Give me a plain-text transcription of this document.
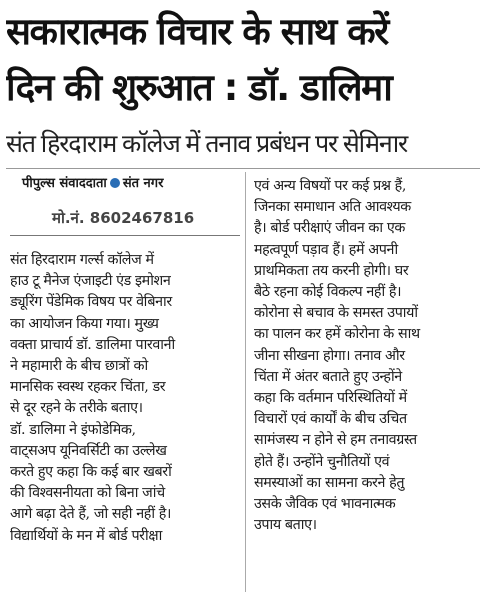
सकारात्मक विचार के साथ करें
दिन की शुरुआत : डॉ. डालिमा
संत हिरदाराम कॉलेज में तनाव प्रबंधन पर सेमिनार
पीपुल्स संवाददाता संत नगर
मो.नं. 8602467816

संत हिरदाराम गर्ल्स कॉलेज में

हाउ टू मैनेज एंजाइटी एंड इमोशन

ड्यूरिंग पेंडेमिक विषय पर वेबिनार

का आयोजन किया गया। मुख्य

वक्ता प्राचार्य डॉ. डालिमा पारवानी

ने महामारी के बीच छात्रों को

मानसिक स्वस्थ रहकर चिंता, डर

से दूर रहने के तरीके बताए।

डॉ. डालिमा ने इंफोडेमिक,

वाट्सअप यूनिवर्सिटी का उल्लेख

करते हुए कहा कि कई बार खबरों

की विश्वसनीयता को बिना जांचे

आगे बढ़ा देते हैं, जो सही नहीं है।

विद्यार्थियों के मन में बोर्ड परीक्षा

एवं अन्य विषयों पर कई प्रश्न हैं,

जिनका समाधान अति आवश्यक

है। बोर्ड परीक्षाएं जीवन का एक

महत्वपूर्ण पड़ाव हैं। हमें अपनी

प्राथमिकता तय करनी होगी। घर

बैठे रहना कोई विकल्प नहीं है।

कोरोना से बचाव के समस्त उपायों

का पालन कर हमें कोरोना के साथ

जीना सीखना होगा। तनाव और

चिंता में अंतर बताते हुए उन्होंने

कहा कि वर्तमान परिस्थितियों में

विचारों एवं कार्यों के बीच उचित

सामंजस्य न होने से हम तनावग्रस्त

होते हैं। उन्होंने चुनौतियों एवं

समस्याओं का सामना करने हेतु

उसके जैविक एवं भावनात्मक

उपाय बताए।
